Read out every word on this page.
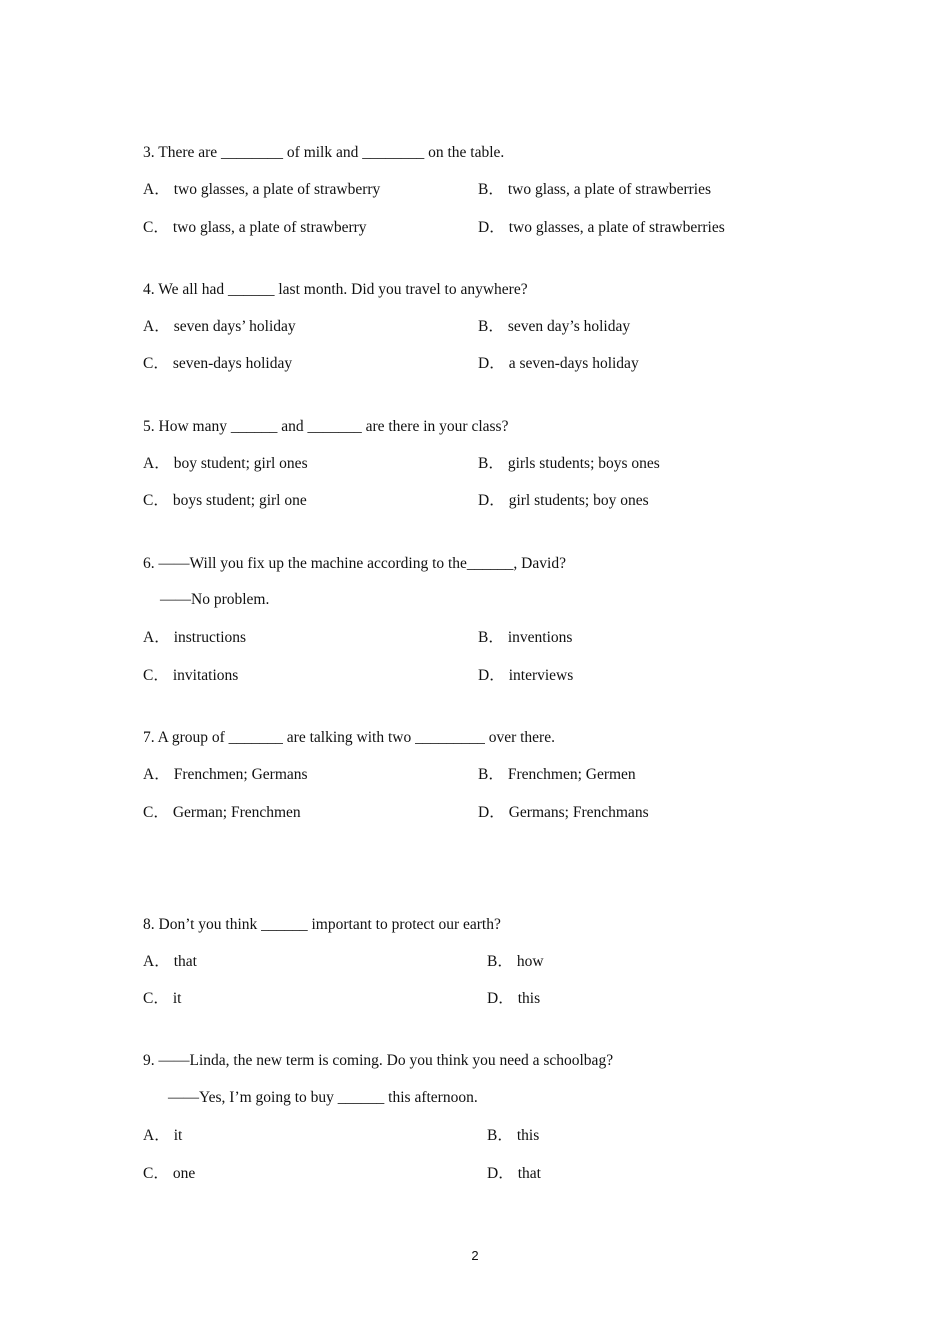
3. There are ________ of milk and ________ on the table.
A． two glasses, a plate of strawberry	B． two glass, a plate of strawberries
C． two glass, a plate of strawberry	D． two glasses, a plate of strawberries
4. We all had ______ last month. Did you travel to anywhere?
A． seven days’ holiday	B． seven day’s holiday
C． seven-days holiday	D． a seven-days holiday
5. How many ______ and _______ are there in your class?
A． boy student; girl ones	B． girls students; boys ones
C． boys student; girl one	D． girl students; boy ones
6. ——Will you fix up the machine according to the______, David?
——No problem.
A． instructions	B． inventions
C． invitations	D． interviews
7. A group of _______ are talking with two _________ over there.
A． Frenchmen; Germans	B． Frenchmen; Germen
C． German; Frenchmen	D． Germans; Frenchmans
8. Don’t you think ______ important to protect our earth?
A． that	B． how
C． it	D． this
9. ——Linda, the new term is coming. Do you think you need a schoolbag?
——Yes, I’m going to buy ______ this afternoon.
A． it	B． this
C． one	D． that
2
